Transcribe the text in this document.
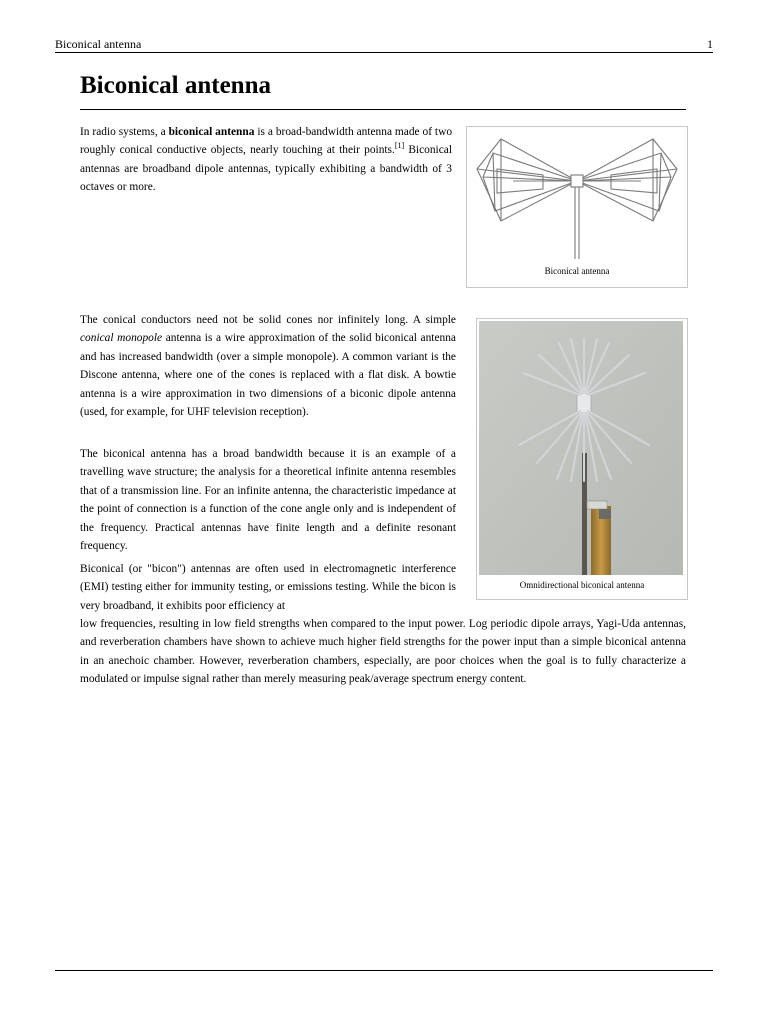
Biconical antenna	1
Biconical antenna

In radio systems, a biconical antenna is a broad-bandwidth antenna made of two roughly conical conductive objects, nearly touching at their points.[1] Biconical antennas are broadband dipole antennas, typically exhibiting a bandwidth of 3 octaves or more.

Biconical antenna

The conical conductors need not be solid cones nor infinitely long. A simple conical monopole antenna is a wire approximation of the solid biconical antenna and has increased bandwidth (over a simple monopole). A common variant is the Discone antenna, where one of the cones is replaced with a flat disk. A bowtie antenna is a wire approximation in two dimensions of a biconic dipole antenna (used, for example, for UHF television reception).

The biconical antenna has a broad bandwidth because it is an example of a travelling wave structure; the analysis for a theoretical infinite antenna resembles that of a transmission line. For an infinite antenna, the characteristic impedance at the point of connection is a function of the cone angle only and is independent of the frequency. Practical antennas have finite length and a definite resonant frequency.

Biconical (or "bicon") antennas are often used in electromagnetic interference (EMI) testing either for immunity testing, or emissions testing. While the bicon is very broadband, it exhibits poor efficiency at

low frequencies, resulting in low field strengths when compared to the input power. Log periodic dipole arrays, Yagi-Uda antennas, and reverberation chambers have shown to achieve much higher field strengths for the power input than a simple biconical antenna in an anechoic chamber. However, reverberation chambers, especially, are poor choices when the goal is to fully characterize a modulated or impulse signal rather than merely measuring peak/average spectrum energy content.

Omnidirectional biconical antenna
